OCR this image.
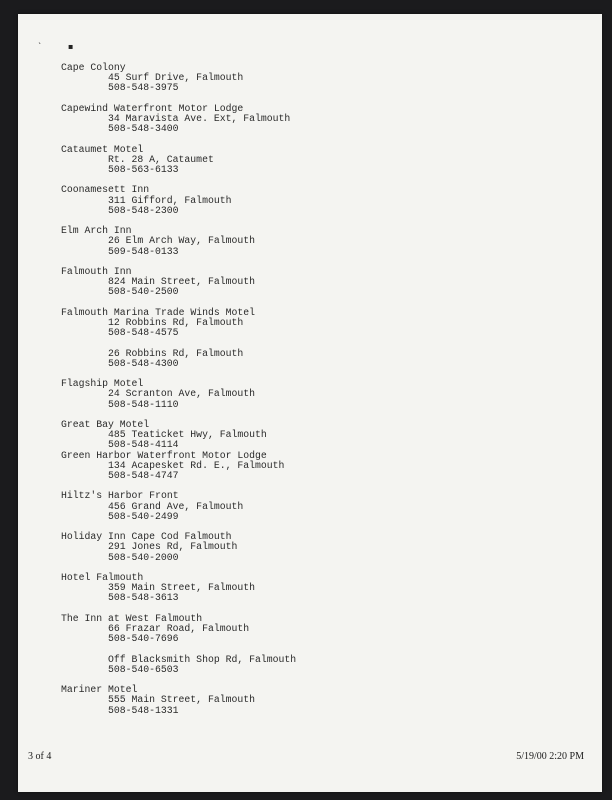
ˋ	▪
Cape Colony
45 Surf Drive, Falmouth
508-548-3975
Capewind Waterfront Motor Lodge
34 Maravista Ave. Ext, Falmouth
508-548-3400
Cataumet Motel
Rt. 28 A, Cataumet
508-563-6133
Coonamesett Inn
311 Gifford, Falmouth
508-548-2300
Elm Arch Inn
26 Elm Arch Way, Falmouth
509-548-0133
Falmouth Inn
824 Main Street, Falmouth
508-540-2500
Falmouth Marina Trade Winds Motel
12 Robbins Rd, Falmouth
508-548-4575
26 Robbins Rd, Falmouth
508-548-4300
Flagship Motel
24 Scranton Ave, Falmouth
508-548-1110
Great Bay Motel
485 Teaticket Hwy, Falmouth
508-548-4114
Green Harbor Waterfront Motor Lodge
134 Acapesket Rd. E., Falmouth
508-548-4747
Hiltz's Harbor Front
456 Grand Ave, Falmouth
508-540-2499
Holiday Inn Cape Cod Falmouth
291 Jones Rd, Falmouth
508-540-2000
Hotel Falmouth
359 Main Street, Falmouth
508-548-3613
The Inn at West Falmouth
66 Frazar Road, Falmouth
508-540-7696
Off Blacksmith Shop Rd, Falmouth
508-540-6503
Mariner Motel
555 Main Street, Falmouth
508-548-1331
3 of 4	5/19/00 2:20 PM
